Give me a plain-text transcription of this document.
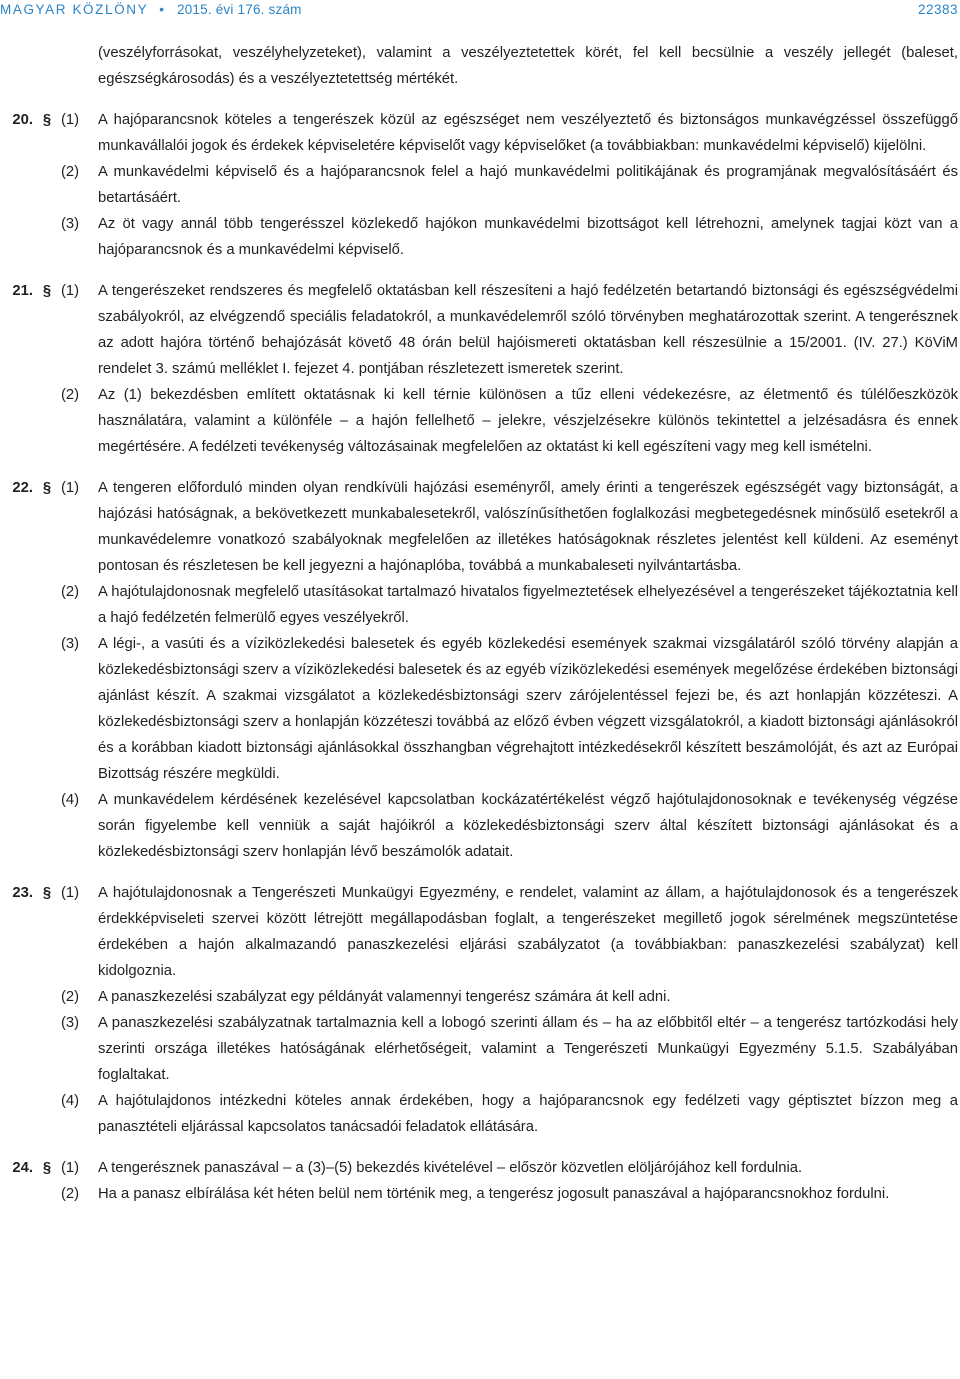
MAGYAR KÖZLÖNY • 2015. évi 176. szám	22383
(veszélyforrásokat, veszélyhelyzeteket), valamint a veszélyeztetettek körét, fel kell becsülnie a veszély jellegét (baleset, egészségkárosodás) és a veszélyeztetettség mértékét.
20. § (1)	A hajóparancsnok köteles a tengerészek közül az egészséget nem veszélyeztető és biztonságos munkavégzéssel összefüggő munkavállalói jogok és érdekek képviseletére képviselőt vagy képviselőket (a továbbiakban: munkavédelmi képviselő) kijelölni.
(2)	A munkavédelmi képviselő és a hajóparancsnok felel a hajó munkavédelmi politikájának és programjának megvalósításáért és betartásáért.
(3)	Az öt vagy annál több tengerésszel közlekedő hajókon munkavédelmi bizottságot kell létrehozni, amelynek tagjai közt van a hajóparancsnok és a munkavédelmi képviselő.
21. § (1)	A tengerészeket rendszeres és megfelelő oktatásban kell részesíteni a hajó fedélzetén betartandó biztonsági és egészségvédelmi szabályokról, az elvégzendő speciális feladatokról, a munkavédelemről szóló törvényben meghatározottak szerint. A tengerésznek az adott hajóra történő behajózását követő 48 órán belül hajóismereti oktatásban kell részesülnie a 15/2001. (IV. 27.) KöViM rendelet 3. számú melléklet I. fejezet 4. pontjában részletezett ismeretek szerint.
(2)	Az (1) bekezdésben említett oktatásnak ki kell térnie különösen a tűz elleni védekezésre, az életmentő és túlélőeszközök használatára, valamint a különféle – a hajón fellelhető – jelekre, vészjelzésekre különös tekintettel a jelzésadásra és ennek megértésére. A fedélzeti tevékenység változásainak megfelelően az oktatást ki kell egészíteni vagy meg kell ismételni.
22. § (1)	A tengeren előforduló minden olyan rendkívüli hajózási eseményről, amely érinti a tengerészek egészségét vagy biztonságát, a hajózási hatóságnak, a bekövetkezett munkabalesetekről, valószínűsíthetően foglalkozási megbetegedésnek minősülő esetekről a munkavédelemre vonatkozó szabályoknak megfelelően az illetékes hatóságoknak részletes jelentést kell küldeni. Az eseményt pontosan és részletesen be kell jegyezni a hajónaplóba, továbbá a munkabaleseti nyilvántartásba.
(2)	A hajótulajdonosnak megfelelő utasításokat tartalmazó hivatalos figyelmeztetések elhelyezésével a tengerészeket tájékoztatnia kell a hajó fedélzetén felmerülő egyes veszélyekről.
(3)	A légi-, a vasúti és a víziközlekedési balesetek és egyéb közlekedési események szakmai vizsgálatáról szóló törvény alapján a közlekedésbiztonsági szerv a víziközlekedési balesetek és az egyéb víziközlekedési események megelőzése érdekében biztonsági ajánlást készít. A szakmai vizsgálatot a közlekedésbiztonsági szerv zárójelentéssel fejezi be, és azt honlapján közzéteszi. A közlekedésbiztonsági szerv a honlapján közzéteszi továbbá az előző évben végzett vizsgálatokról, a kiadott biztonsági ajánlásokról és a korábban kiadott biztonsági ajánlásokkal összhangban végrehajtott intézkedésekről készített beszámolóját, és azt az Európai Bizottság részére megküldi.
(4)	A munkavédelem kérdésének kezelésével kapcsolatban kockázatértékelést végző hajótulajdonosoknak e tevékenység végzése során figyelembe kell venniük a saját hajóikról a közlekedésbiztonsági szerv által készített biztonsági ajánlásokat és a közlekedésbiztonsági szerv honlapján lévő beszámolók adatait.
23. § (1)	A hajótulajdonosnak a Tengerészeti Munkaügyi Egyezmény, e rendelet, valamint az állam, a hajótulajdonosok és a tengerészek érdekképviseleti szervei között létrejött megállapodásban foglalt, a tengerészeket megillető jogok sérelmének megszüntetése érdekében a hajón alkalmazandó panaszkezelési eljárási szabályzatot (a továbbiakban: panaszkezelési szabályzat) kell kidolgoznia.
(2)	A panaszkezelési szabályzat egy példányát valamennyi tengerész számára át kell adni.
(3)	A panaszkezelési szabályzatnak tartalmaznia kell a lobogó szerinti állam és – ha az előbbitől eltér – a tengerész tartózkodási hely szerinti országa illetékes hatóságának elérhetőségeit, valamint a Tengerészeti Munkaügyi Egyezmény 5.1.5. Szabályában foglaltakat.
(4)	A hajótulajdonos intézkedni köteles annak érdekében, hogy a hajóparancsnok egy fedélzeti vagy géptisztet bízzon meg a panasztételi eljárással kapcsolatos tanácsadói feladatok ellátására.
24. § (1)	A tengerésznek panaszával – a (3)–(5) bekezdés kivételével – először közvetlen elöljárójához kell fordulnia.
(2)	Ha a panasz elbírálása két héten belül nem történik meg, a tengerész jogosult panaszával a hajóparancsnokhoz fordulni.
